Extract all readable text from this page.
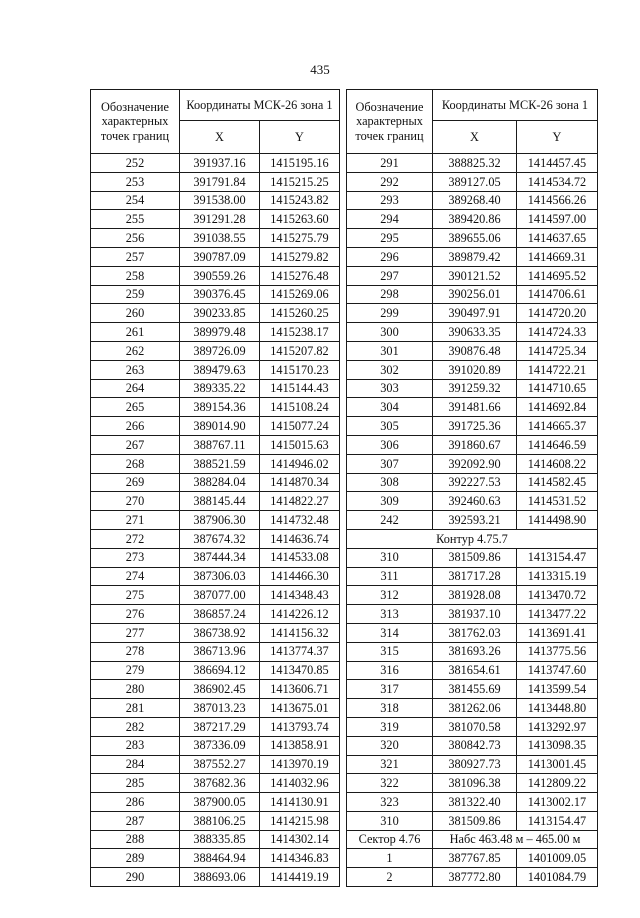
435
Обозначение характерных точек границ	Координаты МСК-26 зона 1	
	X	Y
252	391937.16	1415195.16
253	391791.84	1415215.25
254	391538.00	1415243.82
255	391291.28	1415263.60
256	391038.55	1415275.79
257	390787.09	1415279.82
258	390559.26	1415276.48
259	390376.45	1415269.06
260	390233.85	1415260.25
261	389979.48	1415238.17
262	389726.09	1415207.82
263	389479.63	1415170.23
264	389335.22	1415144.43
265	389154.36	1415108.24
266	389014.90	1415077.24
267	388767.11	1415015.63
268	388521.59	1414946.02
269	388284.04	1414870.34
270	388145.44	1414822.27
271	387906.30	1414732.48
272	387674.32	1414636.74
273	387444.34	1414533.08
274	387306.03	1414466.30
275	387077.00	1414348.43
276	386857.24	1414226.12
277	386738.92	1414156.32
278	386713.96	1413774.37
279	386694.12	1413470.85
280	386902.45	1413606.71
281	387013.23	1413675.01
282	387217.29	1413793.74
283	387336.09	1413858.91
284	387552.27	1413970.19
285	387682.36	1414032.96
286	387900.05	1414130.91
287	388106.25	1414215.98
288	388335.85	1414302.14
289	388464.94	1414346.83
290	388693.06	1414419.19
Обозначение характерных точек границ	Координаты МСК-26 зона 1	
	X	Y
291	388825.32	1414457.45
292	389127.05	1414534.72
293	389268.40	1414566.26
294	389420.86	1414597.00
295	389655.06	1414637.65
296	389879.42	1414669.31
297	390121.52	1414695.52
298	390256.01	1414706.61
299	390497.91	1414720.20
300	390633.35	1414724.33
301	390876.48	1414725.34
302	391020.89	1414722.21
303	391259.32	1414710.65
304	391481.66	1414692.84
305	391725.36	1414665.37
306	391860.67	1414646.59
307	392092.90	1414608.22
308	392227.53	1414582.45
309	392460.63	1414531.52
242	392593.21	1414498.90
Контур 4.75.7		
310	381509.86	1413154.47
311	381717.28	1413315.19
312	381928.08	1413470.72
313	381937.10	1413477.22
314	381762.03	1413691.41
315	381693.26	1413775.56
316	381654.61	1413747.60
317	381455.69	1413599.54
318	381262.06	1413448.80
319	381070.58	1413292.97
320	380842.73	1413098.35
321	380927.73	1413001.45
322	381096.38	1412809.22
323	381322.40	1413002.17
310	381509.86	1413154.47
Сектор 4.76	Набс 463.48 м – 465.00 м	
1	387767.85	1401009.05
2	387772.80	1401084.79
